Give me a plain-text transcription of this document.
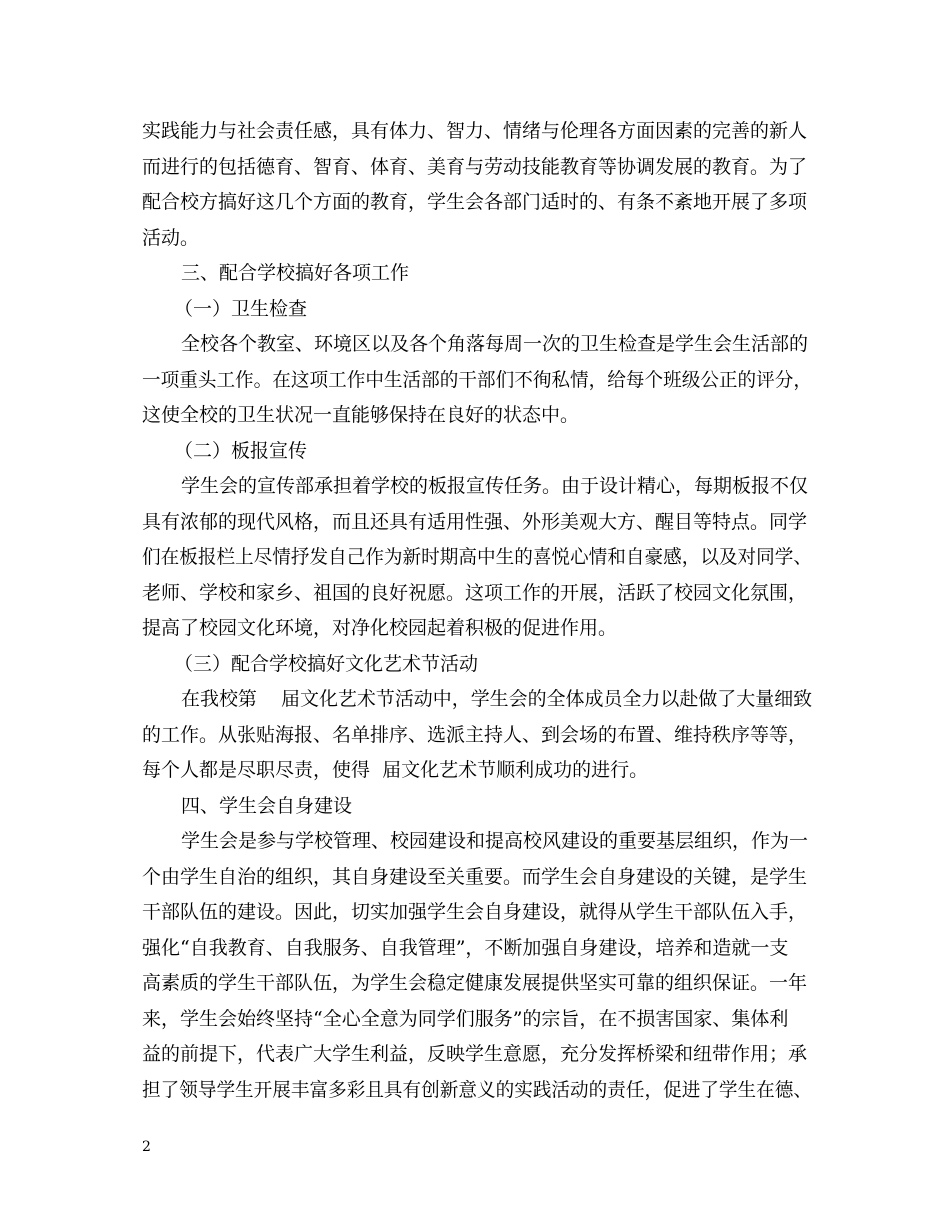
实践能力与社会责任感，具有体力、智力、情绪与伦理各方面因素的完善的新人
而进行的包括德育、智育、体育、美育与劳动技能教育等协调发展的教育。为了
配合校方搞好这几个方面的教育，学生会各部门适时的、有条不紊地开展了多项
活动。
三、配合学校搞好各项工作
（一）卫生检查
全校各个教室、环境区以及各个角落每周一次的卫生检查是学生会生活部的
一项重头工作。在这项工作中生活部的干部们不徇私情，给每个班级公正的评分，
这使全校的卫生状况一直能够保持在良好的状态中。
（二）板报宣传
学生会的宣传部承担着学校的板报宣传任务。由于设计精心，每期板报不仅
具有浓郁的现代风格，而且还具有适用性强、外形美观大方、醒目等特点。同学
们在板报栏上尽情抒发自己作为新时期高中生的喜悦心情和自豪感，以及对同学、
老师、学校和家乡、祖国的良好祝愿。这项工作的开展，活跃了校园文化氛围，
提高了校园文化环境，对净化校园起着积极的促进作用。
（三）配合学校搞好文化艺术节活动
在我校第    届文化艺术节活动中，学生会的全体成员全力以赴做了大量细致
的工作。从张贴海报、名单排序、选派主持人、到会场的布置、维持秩序等等，
每个人都是尽职尽责，使得  届文化艺术节顺利成功的进行。
四、学生会自身建设
学生会是参与学校管理、校园建设和提高校风建设的重要基层组织，作为一
个由学生自治的组织，其自身建设至关重要。而学生会自身建设的关键，是学生
干部队伍的建设。因此，切实加强学生会自身建设，就得从学生干部队伍入手，
强化“自我教育、自我服务、自我管理”，不断加强自身建设，培养和造就一支
高素质的学生干部队伍，为学生会稳定健康发展提供坚实可靠的组织保证。一年
来，学生会始终坚持“全心全意为同学们服务”的宗旨，在不损害国家、集体利
益的前提下，代表广大学生利益，反映学生意愿，充分发挥桥梁和纽带作用；承
担了领导学生开展丰富多彩且具有创新意义的实践活动的责任，促进了学生在德、
2
